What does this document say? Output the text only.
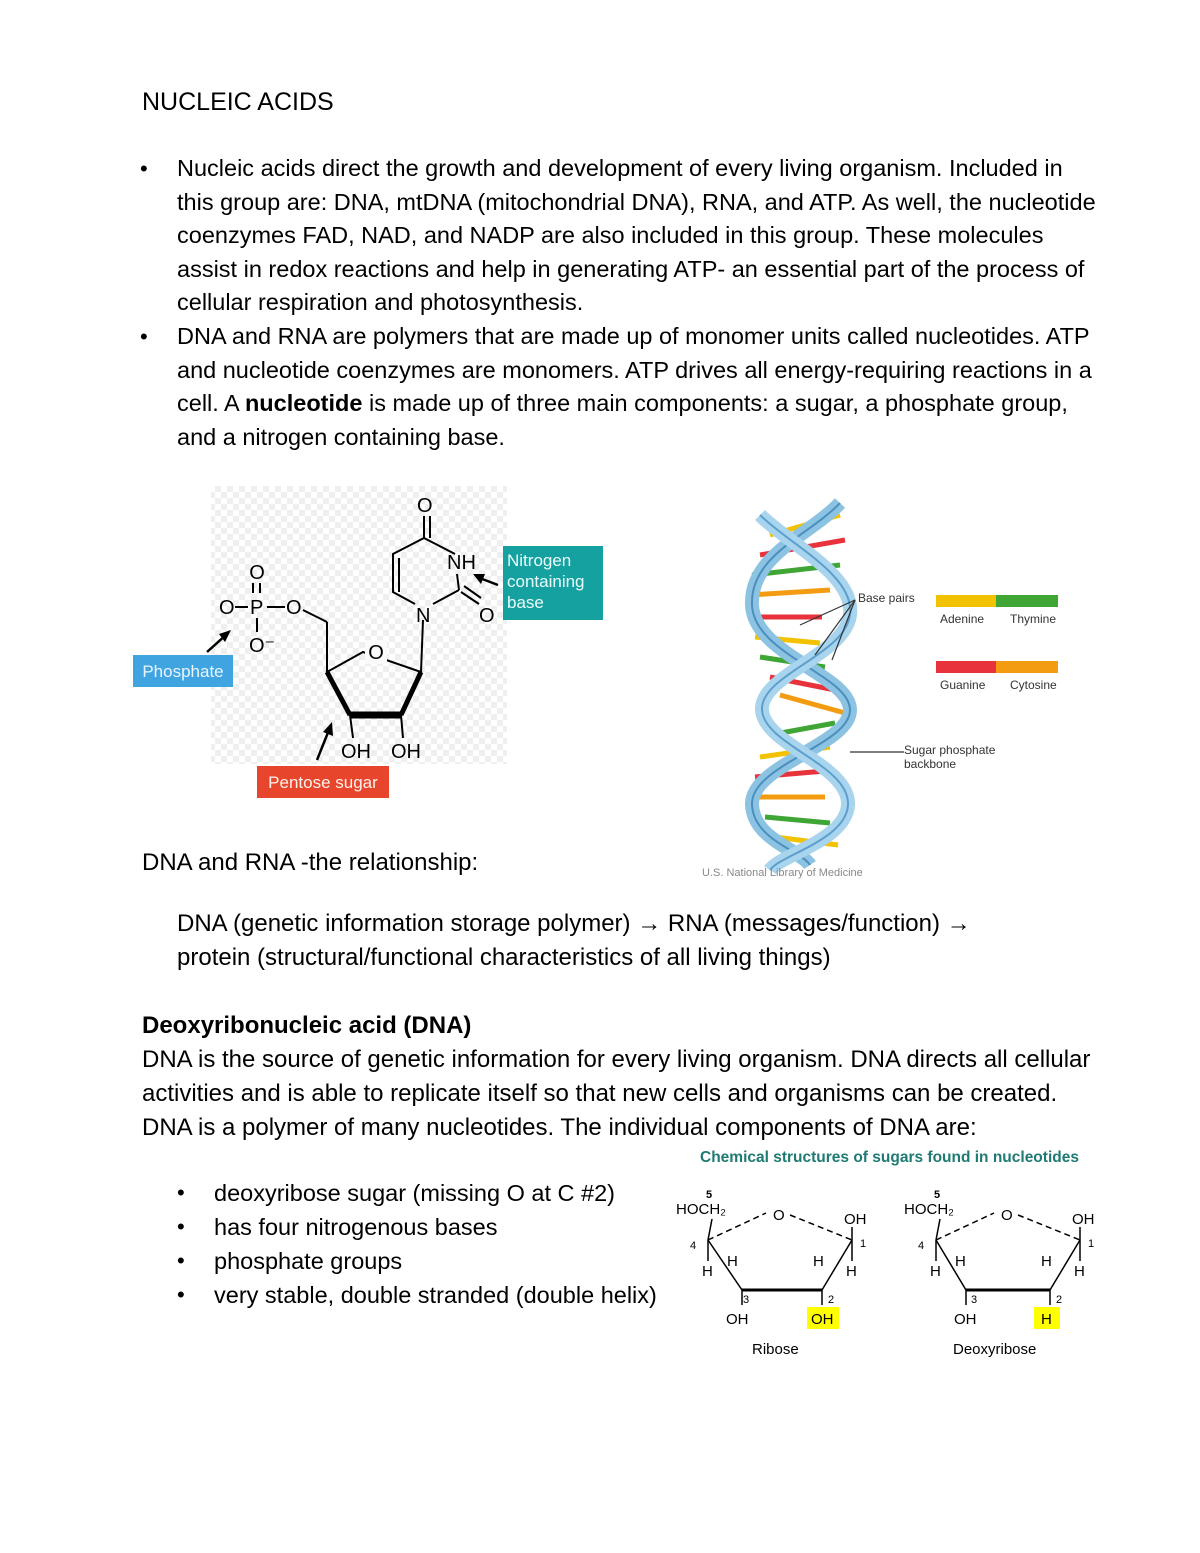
NUCLEIC ACIDS
• Nucleic acids direct the growth and development of every living organism. Included in this group are: DNA, mtDNA (mitochondrial DNA), RNA, and ATP. As well, the nucleotide coenzymes FAD, NAD, and NADP are also included in this group. These molecules assist in redox reactions and help in generating ATP- an essential part of the process of cellular respiration and photosynthesis.
• DNA and RNA are polymers that are made up of monomer units called nucleotides. ATP and nucleotide coenzymes are monomers. ATP drives all energy-requiring reactions in a cell. A nucleotide is made up of three main components: a sugar, a phosphate group, and a nitrogen containing base.
O
O P O
O⁻	O
OH OH
N
NH
O
O
Nitrogen containing base
Phosphate
Pentose sugar
Base pairs
Adenine Thymine
Guanine Cytosine
Sugar phosphate backbone
U.S. National Library of Medicine
DNA and RNA -the relationship:
DNA (genetic information storage polymer) → RNA (messages/function) →
protein (structural/functional characteristics of all living things)
Deoxyribonucleic acid (DNA)
DNA is the source of genetic information for every living organism. DNA directs all cellular activities and is able to replicate itself so that new cells and organisms can be created. DNA is a polymer of many nucleotides. The individual components of DNA are:
• deoxyribose sugar (missing O at C #2)
• has four nitrogenous bases
• phosphate groups
• very stable, double stranded (double helix)
Chemical structures of sugars found in nucleotides
5
HOCH₂	O	OH
1
4
H
H	H
H
3	2
OH	OH
Ribose
5
HOCH₂	O	OH
1
4
H
H	H
H
3	2
OH	H
Deoxyribose
